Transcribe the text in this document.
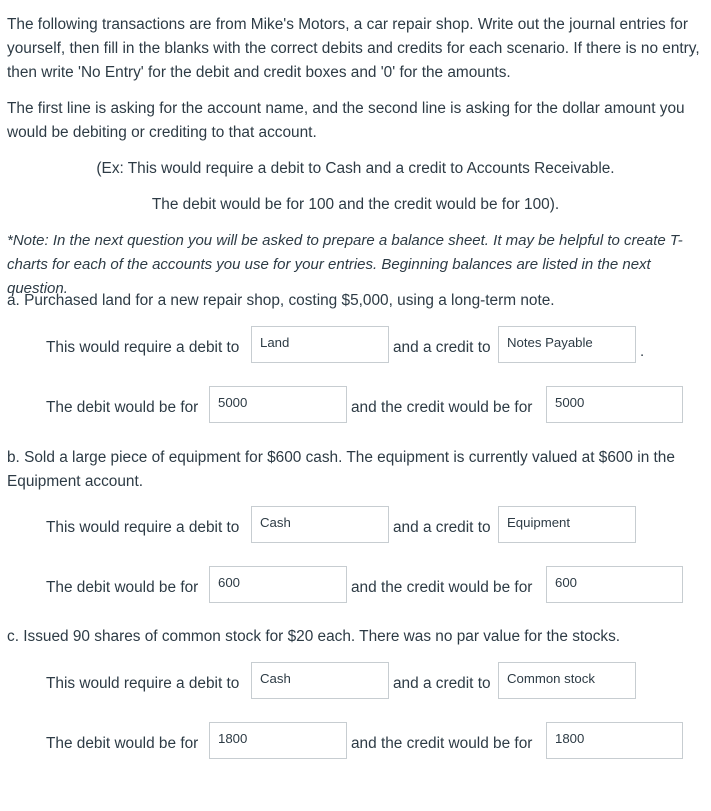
The following transactions are from Mike's Motors, a car repair shop. Write out the journal entries for yourself, then fill in the blanks with the correct debits and credits for each scenario. If there is no entry, then write 'No Entry' for the debit and credit boxes and '0' for the amounts.

The first line is asking for the account name, and the second line is asking for the dollar amount you would be debiting or crediting to that account.

(Ex: This would require a debit to Cash and a credit to Accounts Receivable.

The debit would be for 100 and the credit would be for 100).

*Note: In the next question you will be asked to prepare a balance sheet. It may be helpful to create T-charts for each of the accounts you use for your entries. Beginning balances are listed in the next question.

a. Purchased land for a new repair shop, costing $5,000, using a long-term note.

This would require a debit to	Land	and a credit to	Notes Payable
.
The debit would be for	5000	and the credit would be for	5000

b. Sold a large piece of equipment for $600 cash. The equipment is currently valued at $600 in the Equipment account.

This would require a debit to	Cash	and a credit to	Equipment
The debit would be for	600	and the credit would be for	600

c. Issued 90 shares of common stock for $20 each. There was no par value for the stocks.

This would require a debit to	Cash	and a credit to	Common stock
The debit would be for	1800	and the credit would be for	1800
